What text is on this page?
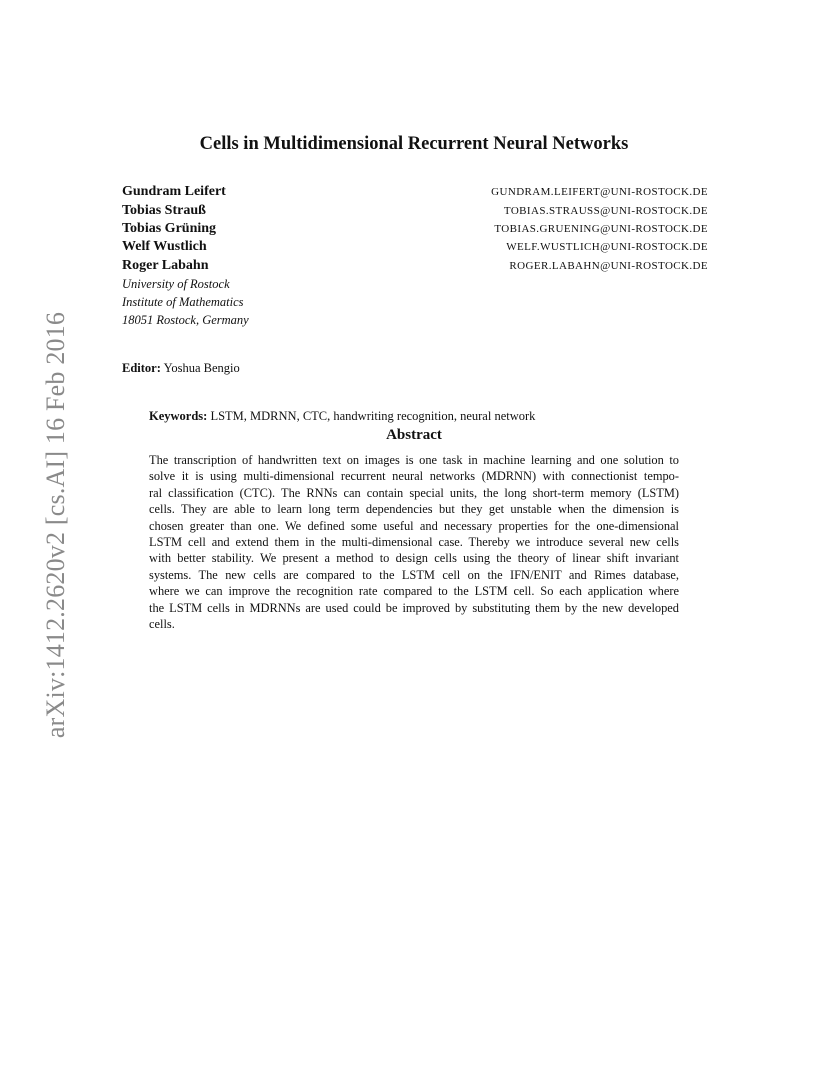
arXiv:1412.2620v2 [cs.AI] 16 Feb 2016
Cells in Multidimensional Recurrent Neural Networks
Gundram Leifert	GUNDRAM.LEIFERT@UNI-ROSTOCK.DE
Tobias Strauß	TOBIAS.STRAUSS@UNI-ROSTOCK.DE
Tobias Grüning	TOBIAS.GRUENING@UNI-ROSTOCK.DE
Welf Wustlich	WELF.WUSTLICH@UNI-ROSTOCK.DE
Roger Labahn	ROGER.LABAHN@UNI-ROSTOCK.DE
University of Rostock
Institute of Mathematics
18051 Rostock, Germany
Editor: Yoshua Bengio
Keywords: LSTM, MDRNN, CTC, handwriting recognition, neural network
Abstract
The transcription of handwritten text on images is one task in machine learning and one solution to
solve it is using multi-dimensional recurrent neural networks (MDRNN) with connectionist tempo-
ral classification (CTC). The RNNs can contain special units, the long short-term memory (LSTM)
cells. They are able to learn long term dependencies but they get unstable when the dimension is
chosen greater than one. We defined some useful and necessary properties for the one-dimensional
LSTM cell and extend them in the multi-dimensional case. Thereby we introduce several new cells
with better stability. We present a method to design cells using the theory of linear shift invariant
systems. The new cells are compared to the LSTM cell on the IFN/ENIT and Rimes database,
where we can improve the recognition rate compared to the LSTM cell. So each application where
the LSTM cells in MDRNNs are used could be improved by substituting them by the new developed
cells.
